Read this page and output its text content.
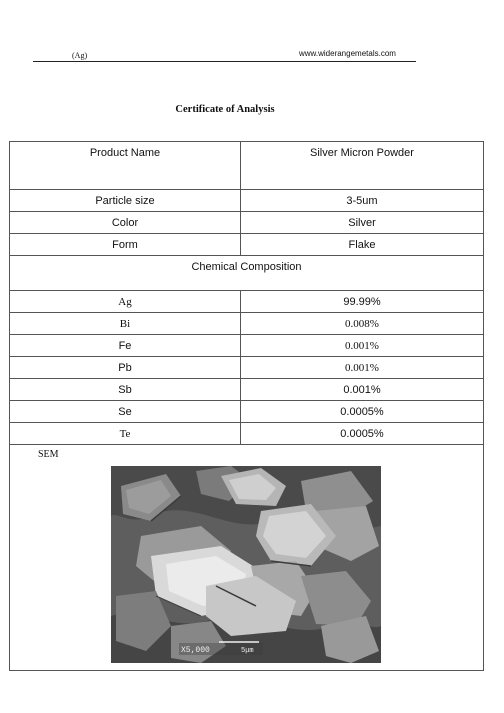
(Ag)	www.widerangemetals.com
Certificate of Analysis
Product Name	Silver Micron Powder
Particle size	3-5um
Color	Silver
Form	Flake
Chemical Composition	
Ag	99.99%
Bi	0.008%
Fe	0.001%
Pb	0.001%
Sb	0.001%
Se	0.0005%
Te	0.0005%

SEM
X5,000 5μm	
